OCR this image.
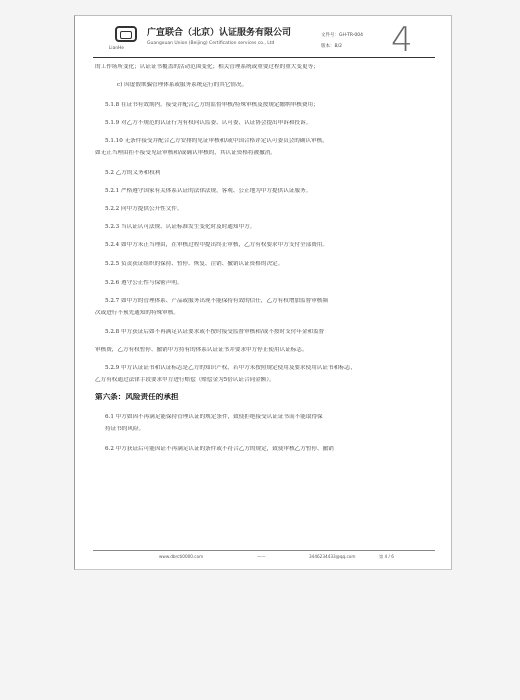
LianHe
广宣联合（北京）认证服务有限公司
Guangxuan Union (Beijing) Certification services co., Ltd
文件号：GH-TR-004
版本：B/2 4
的工作场所变化；认证证书覆盖的活动范围变化；相关管理系统或重要过程的重大变更等；
c) 因虚假欺骗管理体系或服务系统运行的其它情况。
5.1.8 在证书有效期内，接受并配合乙方的监督审核/特殊审核及按规定缴纳审核费用；
5.1.9 对乙方不规范的认证行为有权向认监委、认可委、认证协会提出申诉和投诉。
5.1.10 无条件接受并配合乙方安排的见证审核和/或中国合格评定认可委员会的确认审核。
如无正当理由拒不接受见证审核和/或确认审核的，其认证资格将被撤消。
5.2 乙方的义务和权利
5.2.1 严格遵守国家有关体系认证的法律法规，客观、公正地为甲方提供认证服务。
5.2.2 向甲方提供公开性文件。
5.2.3 当认证认可法规、认证标准发生变化时及时通知甲方。
5.2.4 如甲方未正当理由，在审核过程中提出终止审核，乙方有权要求甲方支付全部费用。
5.2.5 负责获证组织的保持、暂停、恢复、注销、撤销认证资格的决定。
5.2.6 遵守公正性与保密声明。
5.2.7 如甲方的管理体系、产品或服务出现不能保持有效的信任，乙方有权增加监督审核频
次或进行不预先通知的特殊审核。
5.2.8 甲方获证后如不再满足认证要求或不按时接受监督审核和/或不按时支付年金和监督
审核费，乙方有权暂停、撤销甲方持有的体系认证证书并要求甲方停止使用认证标志。
5.2.9 甲方认证证书和认证标志是乙方的知识产权，若甲方未按照规定使用及要求使用认证书和标志，
乙方有权通过法律手段要求甲方进行赔偿（赔偿金为5倍认证合同金额）。
第六条：风险责任的承担
6.1 甲方如因不再满足能保持管理认证的规定条件，致使拒绝接受认证证书而不能取得保
持证书的风险。
6.2 甲方获证后可能因证不再满足认证的条件或不符合乙方的规定，致使审核乙方暂停、撤销
www.dbrcti0000.com	——	3446234433@qq.com	第 4 / 6
